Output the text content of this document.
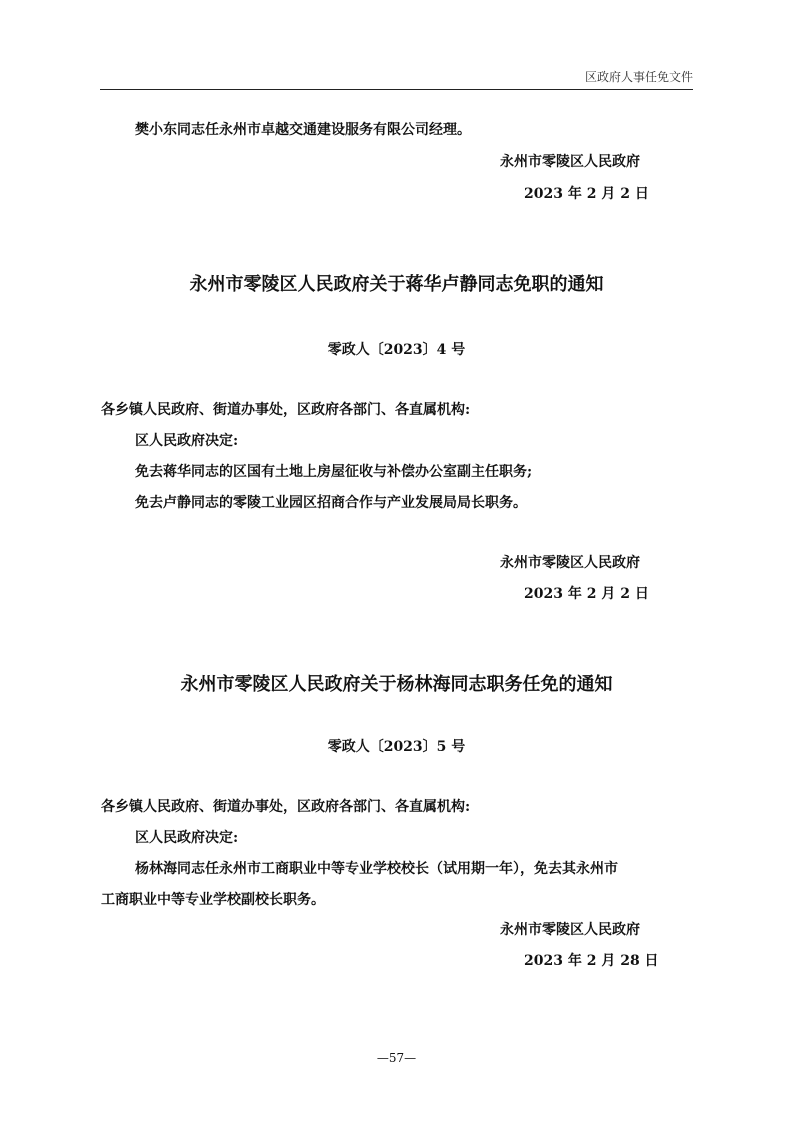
区政府人事任免文件
樊小东同志任永州市卓越交通建设服务有限公司经理。
永州市零陵区人民政府
2023 年 2 月 2 日
永州市零陵区人民政府关于蒋华卢静同志免职的通知
零政人〔2023〕4 号
各乡镇人民政府、街道办事处，区政府各部门、各直属机构:
区人民政府决定:
免去蒋华同志的区国有土地上房屋征收与补偿办公室副主任职务;
免去卢静同志的零陵工业园区招商合作与产业发展局局长职务。
永州市零陵区人民政府
2023 年 2 月 2 日
永州市零陵区人民政府关于杨林海同志职务任免的通知
零政人〔2023〕5 号
各乡镇人民政府、街道办事处，区政府各部门、各直属机构:
区人民政府决定:
杨林海同志任永州市工商职业中等专业学校校长（试用期一年），免去其永州市
工商职业中等专业学校副校长职务。
永州市零陵区人民政府
2023 年 2 月 28 日
—57—
